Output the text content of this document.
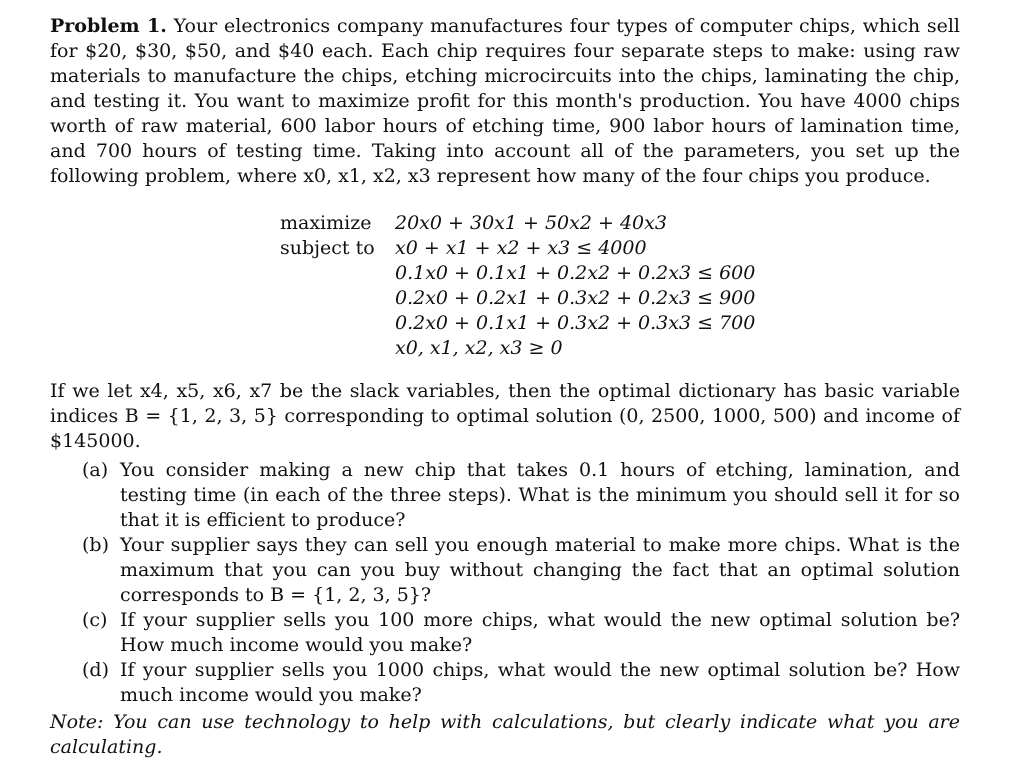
Problem 1. Your electronics company manufactures four types of computer chips, which sell for $20, $30, $50, and $40 each. Each chip requires four separate steps to make: using raw materials to manufacture the chips, etching microcircuits into the chips, laminating the chip, and testing it. You want to maximize profit for this month's production. You have 4000 chips worth of raw material, 600 labor hours of etching time, 900 labor hours of lamination time, and 700 hours of testing time. Taking into account all of the parameters, you set up the following problem, where x0, x1, x2, x3 represent how many of the four chips you produce.

maximize 20x0 + 30x1 + 50x2 + 40x3
subject to x0 + x1 + x2 + x3 ≤ 4000
0.1x0 + 0.1x1 + 0.2x2 + 0.2x3 ≤ 600
0.2x0 + 0.2x1 + 0.3x2 + 0.2x3 ≤ 900
0.2x0 + 0.1x1 + 0.3x2 + 0.3x3 ≤ 700
x0, x1, x2, x3 ≥ 0

If we let x4, x5, x6, x7 be the slack variables, then the optimal dictionary has basic variable indices B = {1, 2, 3, 5} corresponding to optimal solution (0, 2500, 1000, 500) and income of $145000.

(a) You consider making a new chip that takes 0.1 hours of etching, lamination, and testing time (in each of the three steps). What is the minimum you should sell it for so that it is efficient to produce?
(b) Your supplier says they can sell you enough material to make more chips. What is the maximum that you can you buy without changing the fact that an optimal solution corresponds to B = {1, 2, 3, 5}?
(c) If your supplier sells you 100 more chips, what would the new optimal solution be? How much income would you make?
(d) If your supplier sells you 1000 chips, what would the new optimal solution be? How much income would you make?

Note: You can use technology to help with calculations, but clearly indicate what you are calculating.
